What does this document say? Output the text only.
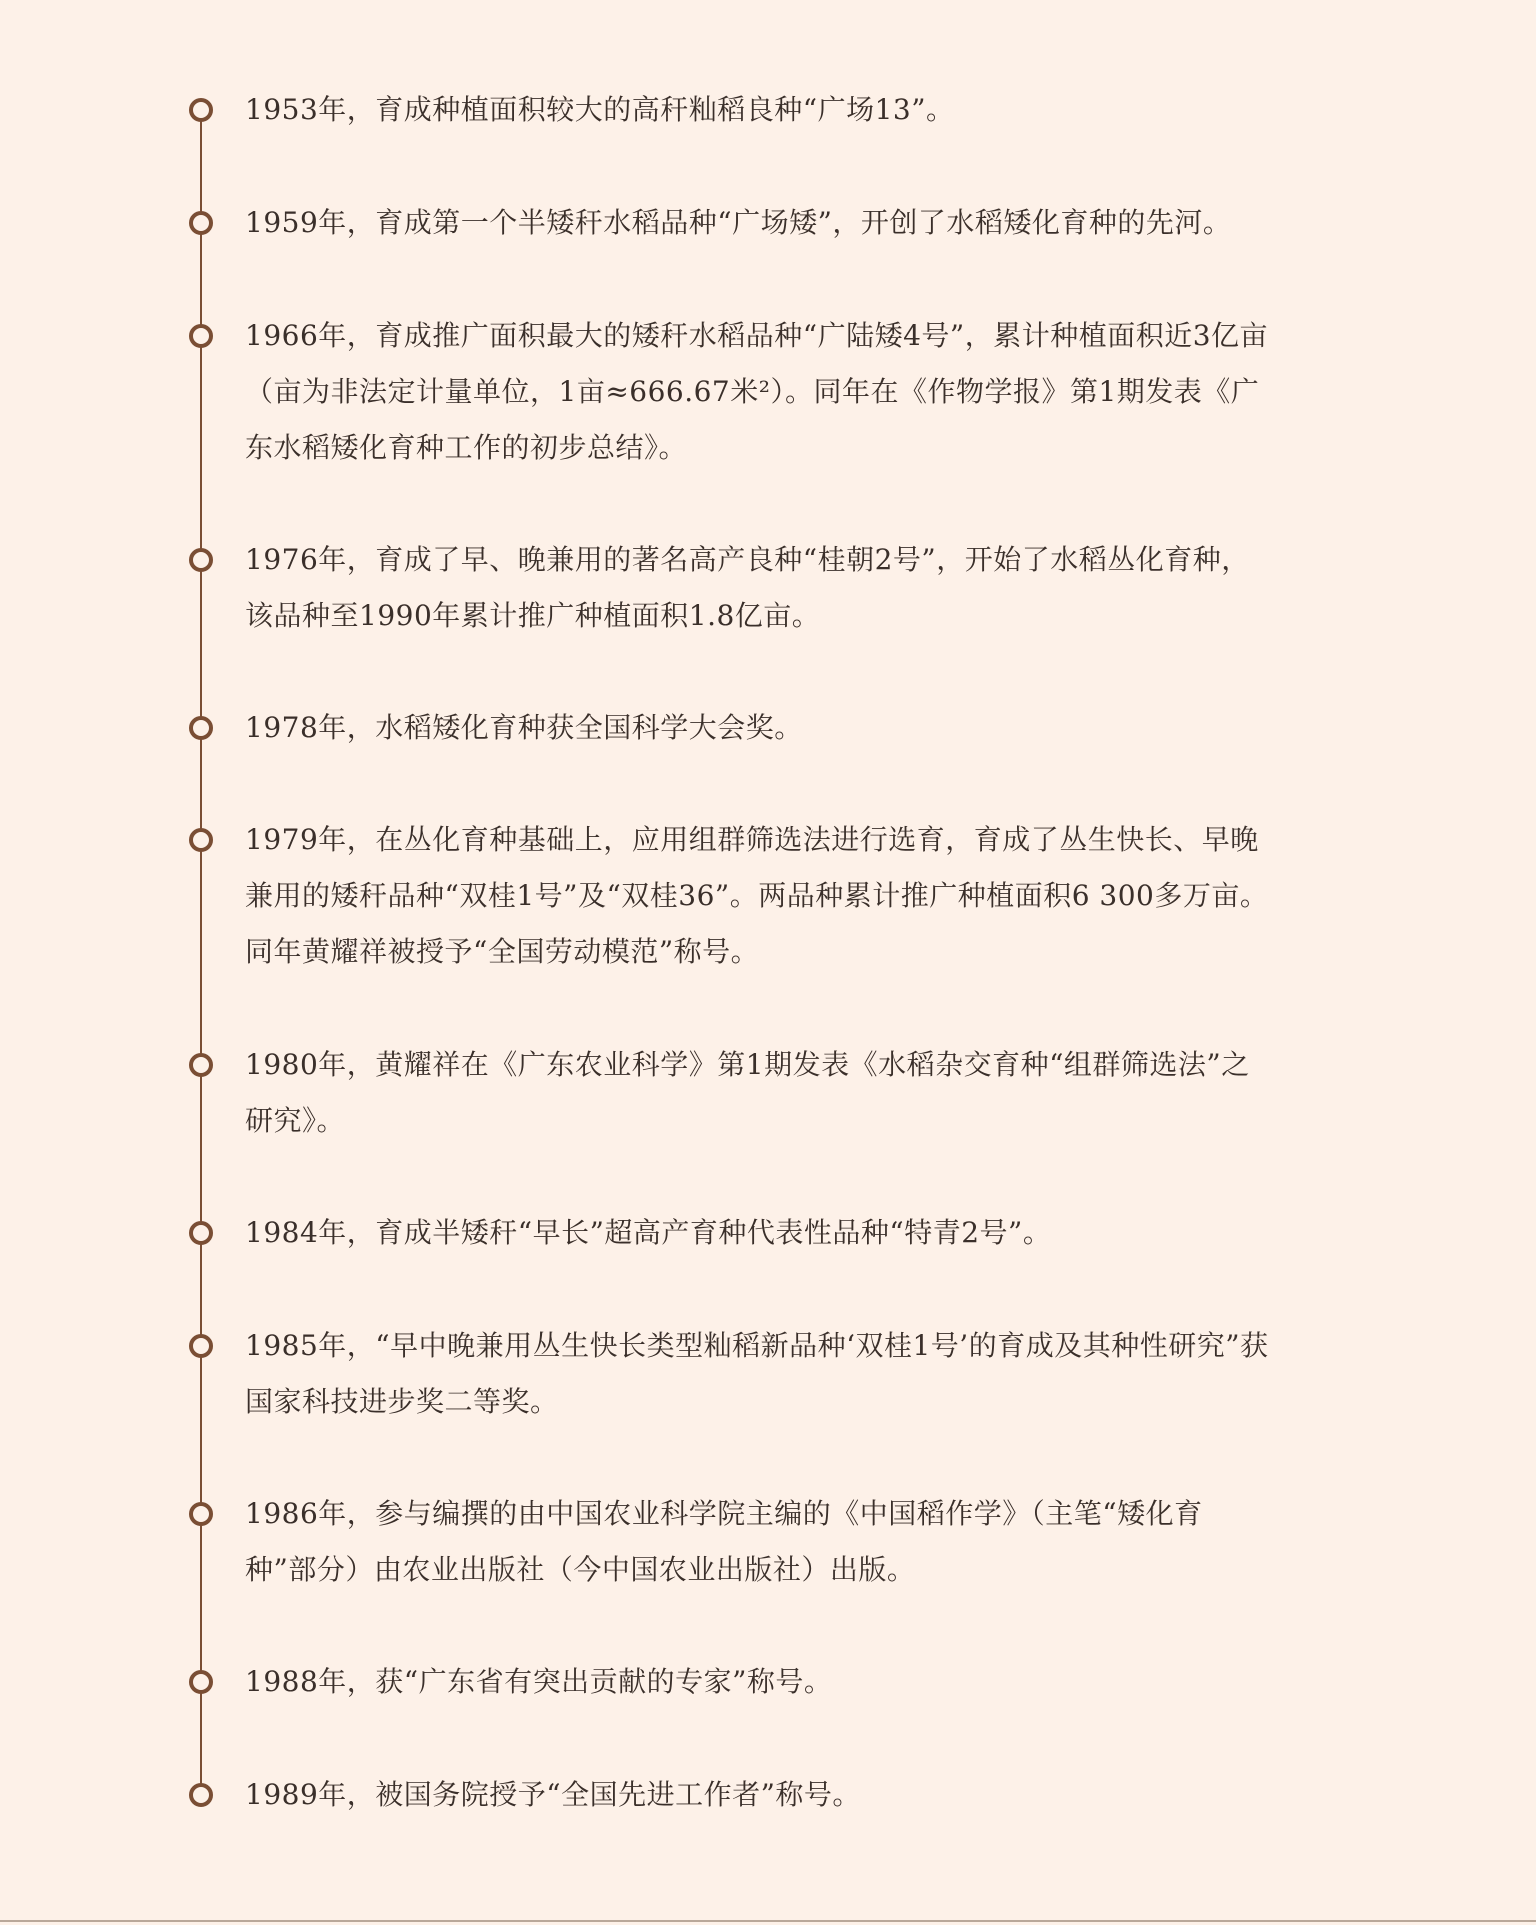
1953年，育成种植面积较大的高秆籼稻良种“广场13”。
1959年，育成第一个半矮秆水稻品种“广场矮”，开创了水稻矮化育种的先河。
1966年，育成推广面积最大的矮秆水稻品种“广陆矮4号”，累计种植面积近3亿亩（亩为非法定计量单位，1亩≈666.67米²）。同年在《作物学报》第1期发表《广东水稻矮化育种工作的初步总结》。
1976年，育成了早、晚兼用的著名高产良种“桂朝2号”，开始了水稻丛化育种，该品种至1990年累计推广种植面积1.8亿亩。
1978年，水稻矮化育种获全国科学大会奖。
1979年，在丛化育种基础上，应用组群筛选法进行选育，育成了丛生快长、早晚兼用的矮秆品种“双桂1号”及“双桂36”。两品种累计推广种植面积6 300多万亩。同年黄耀祥被授予“全国劳动模范”称号。
1980年，黄耀祥在《广东农业科学》第1期发表《水稻杂交育种“组群筛选法”之研究》。
1984年，育成半矮秆“早长”超高产育种代表性品种“特青2号”。
1985年，“早中晚兼用丛生快长类型籼稻新品种‘双桂1号’的育成及其种性研究”获国家科技进步奖二等奖。
1986年，参与编撰的由中国农业科学院主编的《中国稻作学》（主笔“矮化育种”部分）由农业出版社（今中国农业出版社）出版。
1988年，获“广东省有突出贡献的专家”称号。
1989年，被国务院授予“全国先进工作者”称号。
